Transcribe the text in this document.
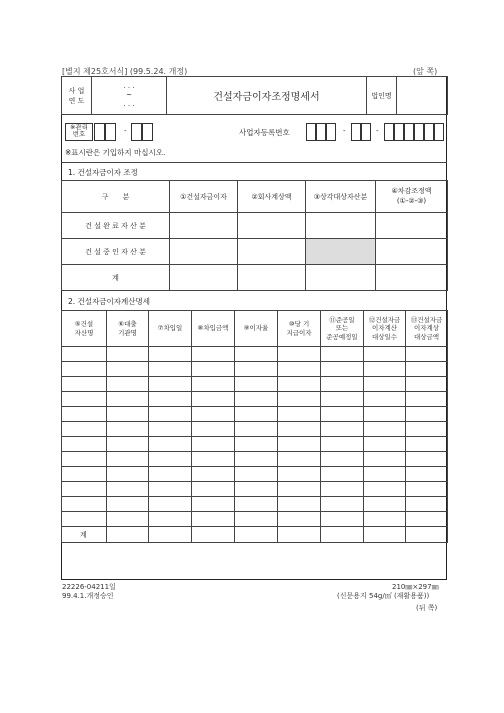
[별지 제25호서식] (99.5.24. 개정)	(앞 쪽)
사 업
연 도	
. . .
~
. . .
	건설자금이자조정명세서	법인명	
※관리
번호	-	사업자등록번호	-	-
※표시란은 기입하지 마십시오.
1. 건설자금이자 조정
구　　분	①건설자금이자	②회사계상액	③상각대상자산분	④차감조정액
(①-②-③)
건 설 완 료 자 산 분				
건 설 중 인 자 산 분				
계				
2. 건설자금이자계산명세
⑤건설
자산명	⑥대출
기관명	⑦차입일	⑧차입금액	⑨이자율	⑩당 기
지급이자	⑪준공일
또는
준공예정일	⑫건설자금
이자계산
대상일수	⑬건설자금
이자계상
대상금액

계								
22226-04211일
99.4.1.개정승인
210㎜×297㎜
(신문용지 54g/㎡ (재활용품))
(뒤 쪽)
